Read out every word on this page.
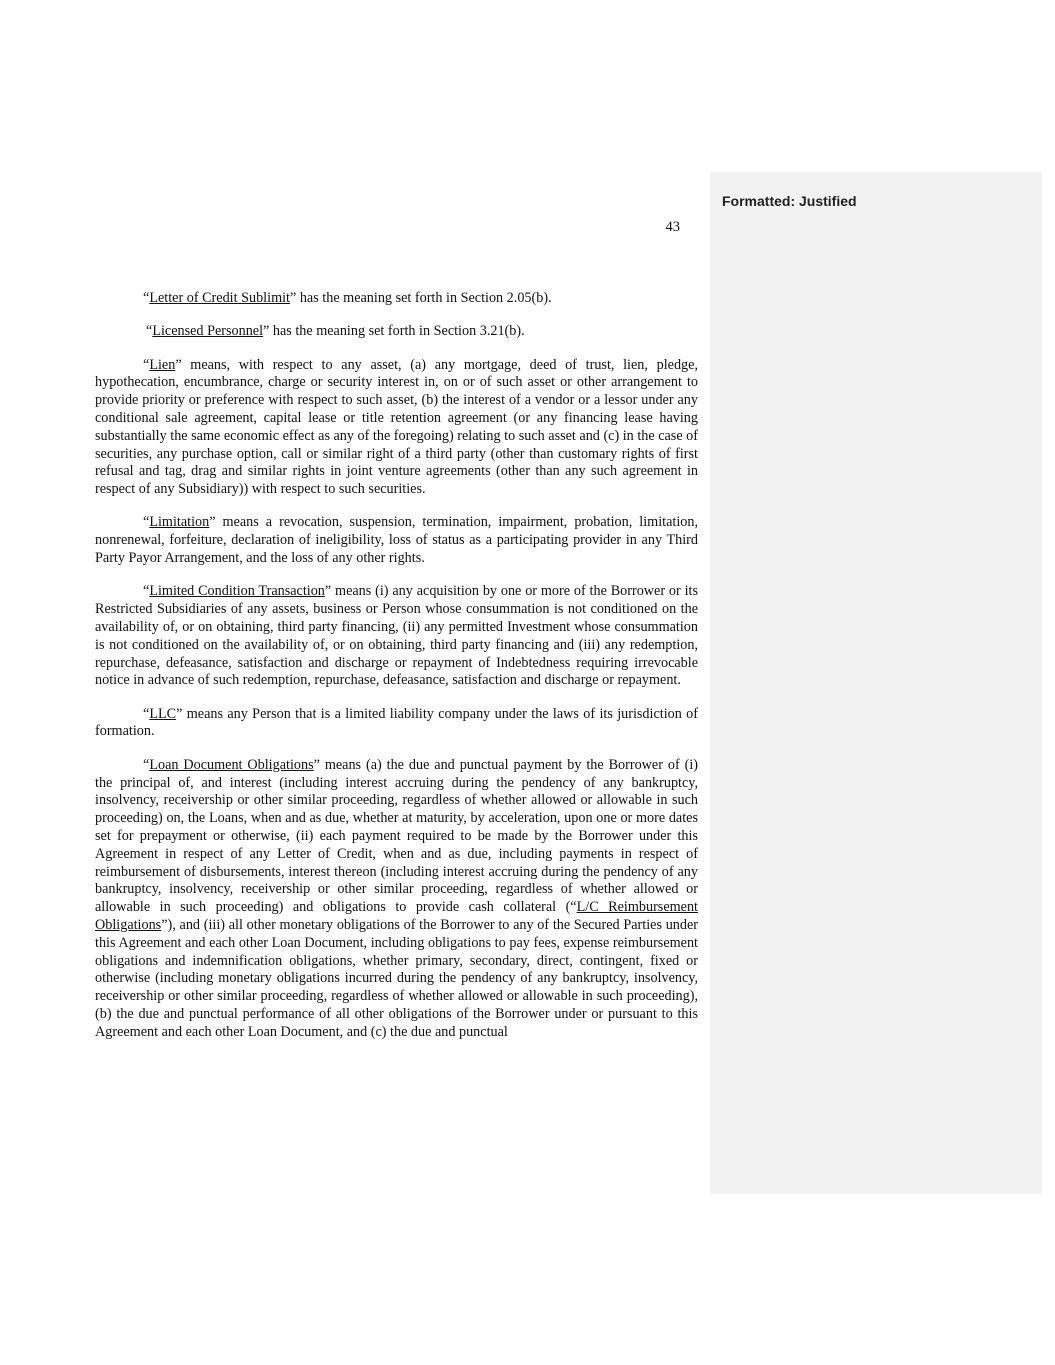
Formatted: Justified
43

“Letter of Credit Sublimit” has the meaning set forth in Section 2.05(b).

“Licensed Personnel” has the meaning set forth in Section 3.21(b).

“Lien” means, with respect to any asset, (a) any mortgage, deed of trust, lien, pledge, hypothecation, encumbrance, charge or security interest in, on or of such asset or other arrangement to provide priority or preference with respect to such asset, (b) the interest of a vendor or a lessor under any conditional sale agreement, capital lease or title retention agreement (or any financing lease having substantially the same economic effect as any of the foregoing) relating to such asset and (c) in the case of securities, any purchase option, call or similar right of a third party (other than customary rights of first refusal and tag, drag and similar rights in joint venture agreements (other than any such agreement in respect of any Subsidiary)) with respect to such securities.

“Limitation” means a revocation, suspension, termination, impairment, probation, limitation, nonrenewal, forfeiture, declaration of ineligibility, loss of status as a participating provider in any Third Party Payor Arrangement, and the loss of any other rights.

“Limited Condition Transaction” means (i) any acquisition by one or more of the Borrower or its Restricted Subsidiaries of any assets, business or Person whose consummation is not conditioned on the availability of, or on obtaining, third party financing, (ii) any permitted Investment whose consummation is not conditioned on the availability of, or on obtaining, third party financing and (iii) any redemption, repurchase, defeasance, satisfaction and discharge or repayment of Indebtedness requiring irrevocable notice in advance of such redemption, repurchase, defeasance, satisfaction and discharge or repayment.

“LLC” means any Person that is a limited liability company under the laws of its jurisdiction of formation.

“Loan Document Obligations” means (a) the due and punctual payment by the Borrower of (i) the principal of, and interest (including interest accruing during the pendency of any bankruptcy, insolvency, receivership or other similar proceeding, regardless of whether allowed or allowable in such proceeding) on, the Loans, when and as due, whether at maturity, by acceleration, upon one or more dates set for prepayment or otherwise, (ii) each payment required to be made by the Borrower under this Agreement in respect of any Letter of Credit, when and as due, including payments in respect of reimbursement of disbursements, interest thereon (including interest accruing during the pendency of any bankruptcy, insolvency, receivership or other similar proceeding, regardless of whether allowed or allowable in such proceeding) and obligations to provide cash collateral (“L/C Reimbursement Obligations”), and (iii) all other monetary obligations of the Borrower to any of the Secured Parties under this Agreement and each other Loan Document, including obligations to pay fees, expense reimbursement obligations and indemnification obligations, whether primary, secondary, direct, contingent, fixed or otherwise (including monetary obligations incurred during the pendency of any bankruptcy, insolvency, receivership or other similar proceeding, regardless of whether allowed or allowable in such proceeding), (b) the due and punctual performance of all other obligations of the Borrower under or pursuant to this Agreement and each other Loan Document, and (c) the due and punctual
